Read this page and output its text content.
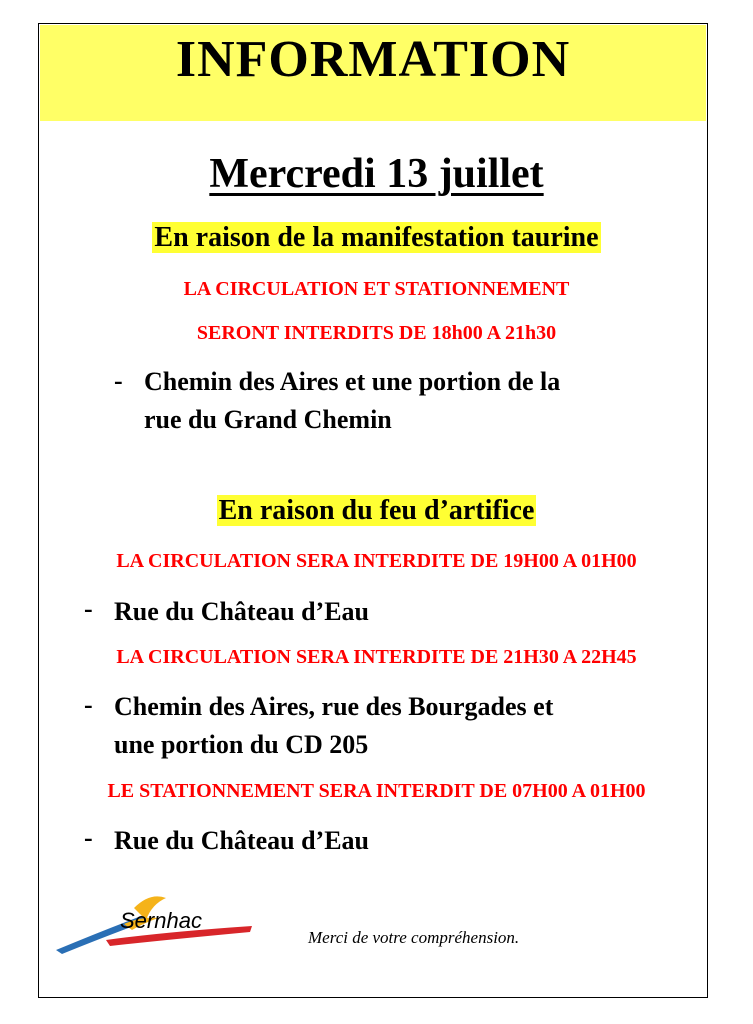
INFORMATION
Mercredi 13 juillet
En raison de la manifestation taurine
LA CIRCULATION ET STATIONNEMENT
SERONT INTERDITS DE 18h00 A 21h30
- Chemin des Aires et une portion de la
rue du Grand Chemin
En raison du feu d’artifice
LA CIRCULATION SERA INTERDITE DE 19H00 A 01H00
- Rue du Château d’Eau
LA CIRCULATION SERA INTERDITE DE 21H30 A 22H45
- Chemin des Aires, rue des Bourgades et
une portion du CD 205
LE STATIONNEMENT SERA INTERDIT DE 07H00 A 01H00
- Rue du Château d’Eau
Sernhac
Merci de votre compréhension.
